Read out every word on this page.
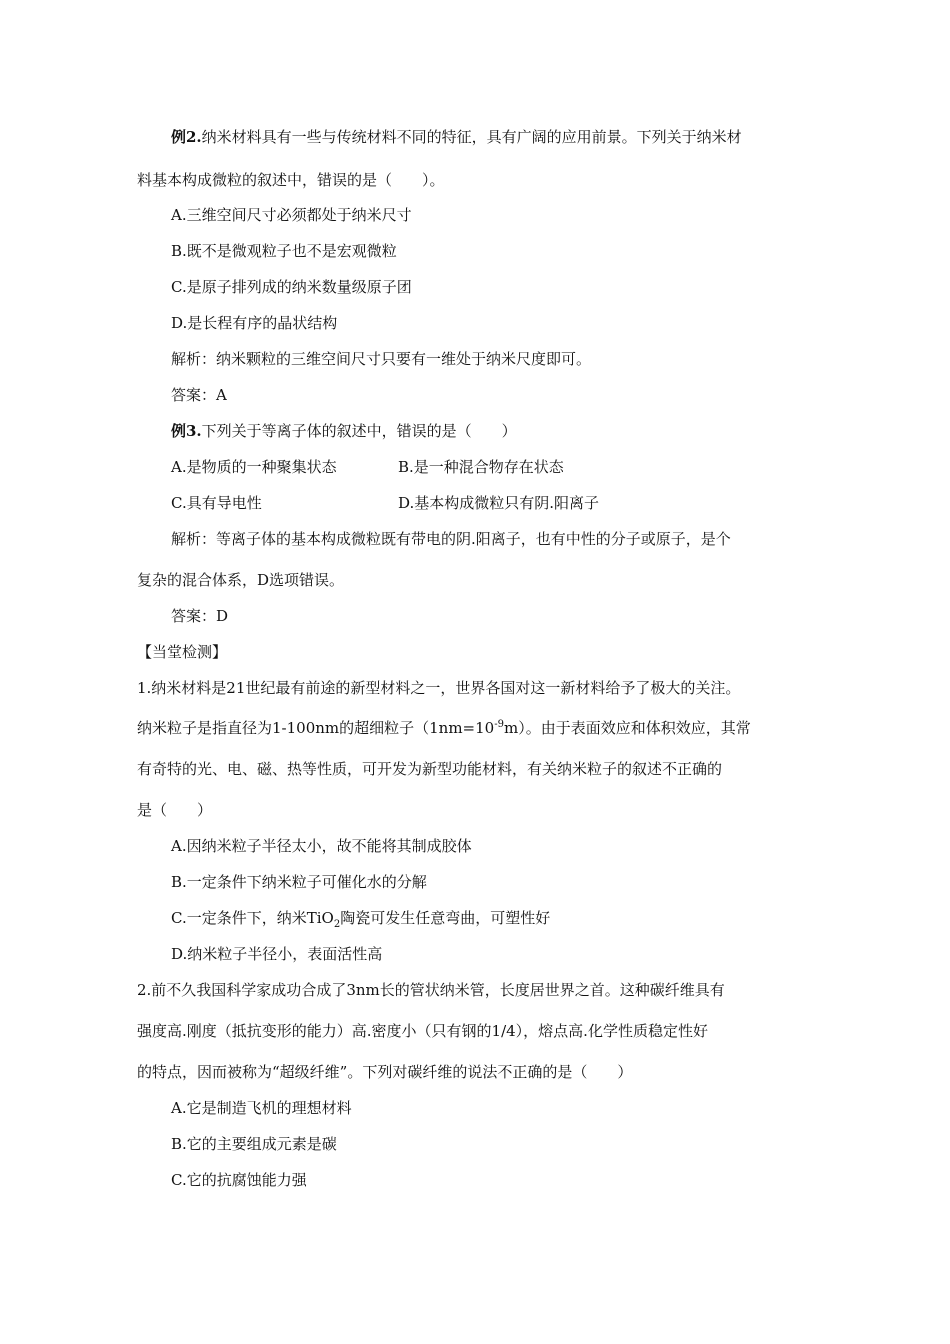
例2.纳米材料具有一些与传统材料不同的特征，具有广阔的应用前景。下列关于纳米材
料基本构成微粒的叙述中，错误的是（　　）。
A.三维空间尺寸必须都处于纳米尺寸
B.既不是微观粒子也不是宏观微粒
C.是原子排列成的纳米数量级原子团
D.是长程有序的晶状结构
解析：纳米颗粒的三维空间尺寸只要有一维处于纳米尺度即可。
答案：A
例3.下列关于等离子体的叙述中，错误的是（　　）
A.是物质的一种聚集状态	B.是一种混合物存在状态
C.具有导电性	D.基本构成微粒只有阴.阳离子
解析：等离子体的基本构成微粒既有带电的阴.阳离子，也有中性的分子或原子，是个
复杂的混合体系，D选项错误。
答案：D
【当堂检测】
1.纳米材料是21世纪最有前途的新型材料之一，世界各国对这一新材料给予了极大的关注。
纳米粒子是指直径为1-100nm的超细粒子$(1nm=10^{-9}m)$。由于表面效应和体积效应，其常
有奇特的光、电、磁、热等性质，可开发为新型功能材料，有关纳米粒子的叙述不正确的
是（　　）
A.因纳米粒子半径太小，故不能将其制成胶体
B.一定条件下纳米粒子可催化水的分解
C.一定条件下，纳米TiO$_2$陶瓷可发生任意弯曲，可塑性好
D.纳米粒子半径小，表面活性高
2.前不久我国科学家成功合成了3nm长的管状纳米管，长度居世界之首。这种碳纤维具有
强度高.刚度（抵抗变形的能力）高.密度小（只有钢的1/4），熔点高.化学性质稳定性好
的特点，因而被称为“超级纤维”。下列对碳纤维的说法不正确的是（　　）
A.它是制造飞机的理想材料
B.它的主要组成元素是碳
C.它的抗腐蚀能力强
